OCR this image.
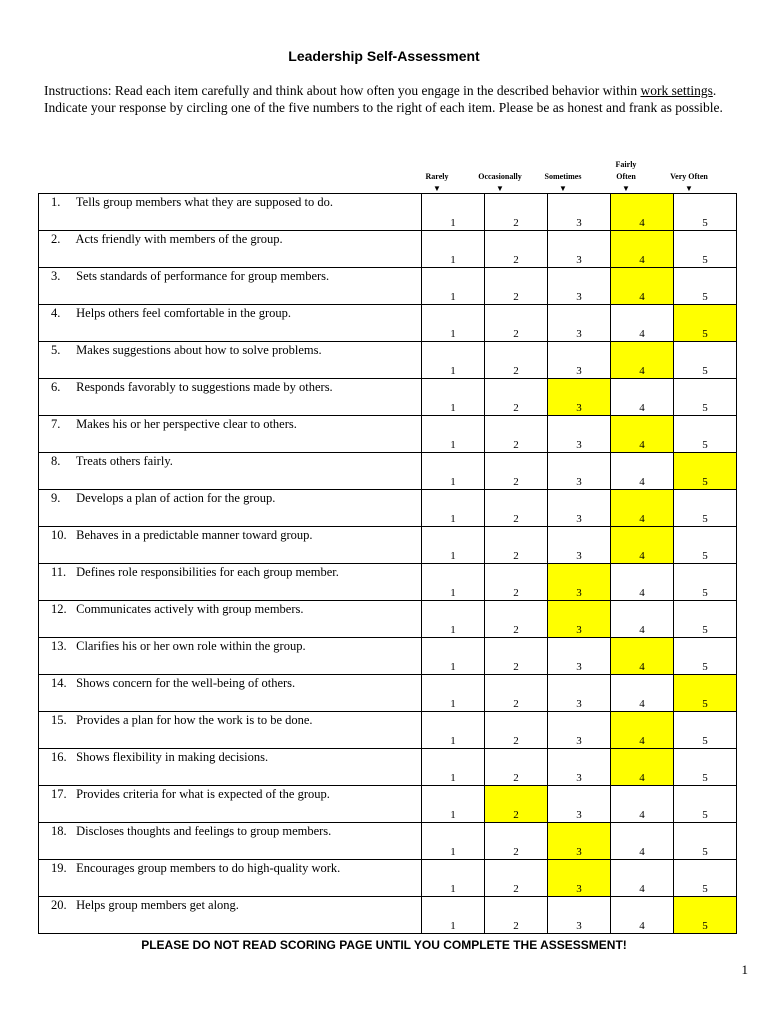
Leadership Self-Assessment
Instructions: Read each item carefully and think about how often you engage in the described behavior within work settings. Indicate your response by circling one of the five numbers to the right of each item. Please be as honest and frank as possible.
Rarely
▼
Occasionally
▼
Sometimes
▼
Fairly
Often
▼
Very Often
▼
1. Tells group members what they are supposed to do.	1	2	3	4	5
2. Acts friendly with members of the group.	1	2	3	4	5
3. Sets standards of performance for group members.	1	2	3	4	5
4. Helps others feel comfortable in the group.	1	2	3	4	5
5. Makes suggestions about how to solve problems.	1	2	3	4	5
6. Responds favorably to suggestions made by others.	1	2	3	4	5
7. Makes his or her perspective clear to others.	1	2	3	4	5
8. Treats others fairly.	1	2	3	4	5
9. Develops a plan of action for the group.	1	2	3	4	5
10. Behaves in a predictable manner toward group.	1	2	3	4	5
11. Defines role responsibilities for each group member.	1	2	3	4	5
12. Communicates actively with group members.	1	2	3	4	5
13. Clarifies his or her own role within the group.	1	2	3	4	5
14. Shows concern for the well-being of others.	1	2	3	4	5
15. Provides a plan for how the work is to be done.	1	2	3	4	5
16. Shows flexibility in making decisions.	1	2	3	4	5
17. Provides criteria for what is expected of the group.	1	2	3	4	5
18. Discloses thoughts and feelings to group members.	1	2	3	4	5
19. Encourages group members to do high-quality work.	1	2	3	4	5
20. Helps group members get along.	1	2	3	4	5
PLEASE DO NOT READ SCORING PAGE UNTIL YOU COMPLETE THE ASSESSMENT!
1
